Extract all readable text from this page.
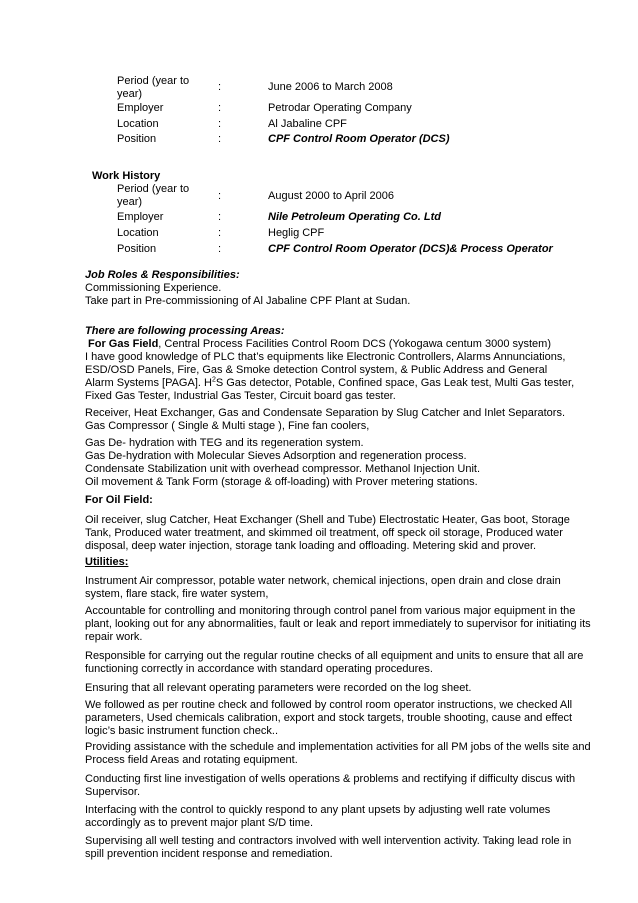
Period (year to
year)
:	June 2006 to March 2008
Employer	:	Petrodar Operating Company
Location	:	Al Jabaline CPF
Position	:	CPF Control Room Operator (DCS)
Work History
Period (year to
year)	:	August 2000 to April 2006
Employer	:	Nile Petroleum Operating Co. Ltd
Location	:	Heglig CPF
Position	:	CPF Control Room Operator (DCS)& Process Operator
Job Roles & Responsibilities:
Commissioning Experience.
Take part in Pre-commissioning of Al Jabaline CPF Plant at Sudan.
There are following processing Areas:
For Gas Field, Central Process Facilities Control Room DCS (Yokogawa centum 3000 system)
I have good knowledge of PLC that’s equipments like Electronic Controllers, Alarms Annunciations,
ESD/OSD Panels, Fire, Gas & Smoke detection Control system, & Public Address and General
Alarm Systems [PAGA]. $H^2S$ Gas detector, Potable, Confined space, Gas Leak test, Multi Gas tester,
Fixed Gas Tester, Industrial Gas Tester, Circuit board gas tester.
Receiver, Heat Exchanger, Gas and Condensate Separation by Slug Catcher and Inlet Separators.
Gas Compressor ( Single & Multi stage ), Fine fan coolers,
Gas De- hydration with TEG and its regeneration system.
Gas De-hydration with Molecular Sieves Adsorption and regeneration process.
Condensate Stabilization unit with overhead compressor. Methanol Injection Unit.
Oil movement & Tank Form (storage & off-loading) with Prover metering stations.
For Oil Field:
Oil receiver, slug Catcher, Heat Exchanger (Shell and Tube) Electrostatic Heater, Gas boot, Storage
Tank, Produced water treatment, and skimmed oil treatment, off speck oil storage, Produced water
disposal, deep water injection, storage tank loading and offloading. Metering skid and prover.
Utilities:
Instrument Air compressor, potable water network, chemical injections, open drain and close drain
system, flare stack, fire water system,
Accountable for controlling and monitoring through control panel from various major equipment in the
plant, looking out for any abnormalities, fault or leak and report immediately to supervisor for initiating its
repair work.
Responsible for carrying out the regular routine checks of all equipment and units to ensure that all are
functioning correctly in accordance with standard operating procedures.
Ensuring that all relevant operating parameters were recorded on the log sheet.
We followed as per routine check and followed by control room operator instructions, we checked All
parameters, Used chemicals calibration, export and stock targets, trouble shooting, cause and effect
logic’s basic instrument function check..
Providing assistance with the schedule and implementation activities for all PM jobs of the wells site and
Process field Areas and rotating equipment.
Conducting first line investigation of wells operations & problems and rectifying if difficulty discus with
Supervisor.
Interfacing with the control to quickly respond to any plant upsets by adjusting well rate volumes
accordingly as to prevent major plant S/D time.
Supervising all well testing and contractors involved with well intervention activity. Taking lead role in
spill prevention incident response and remediation.
